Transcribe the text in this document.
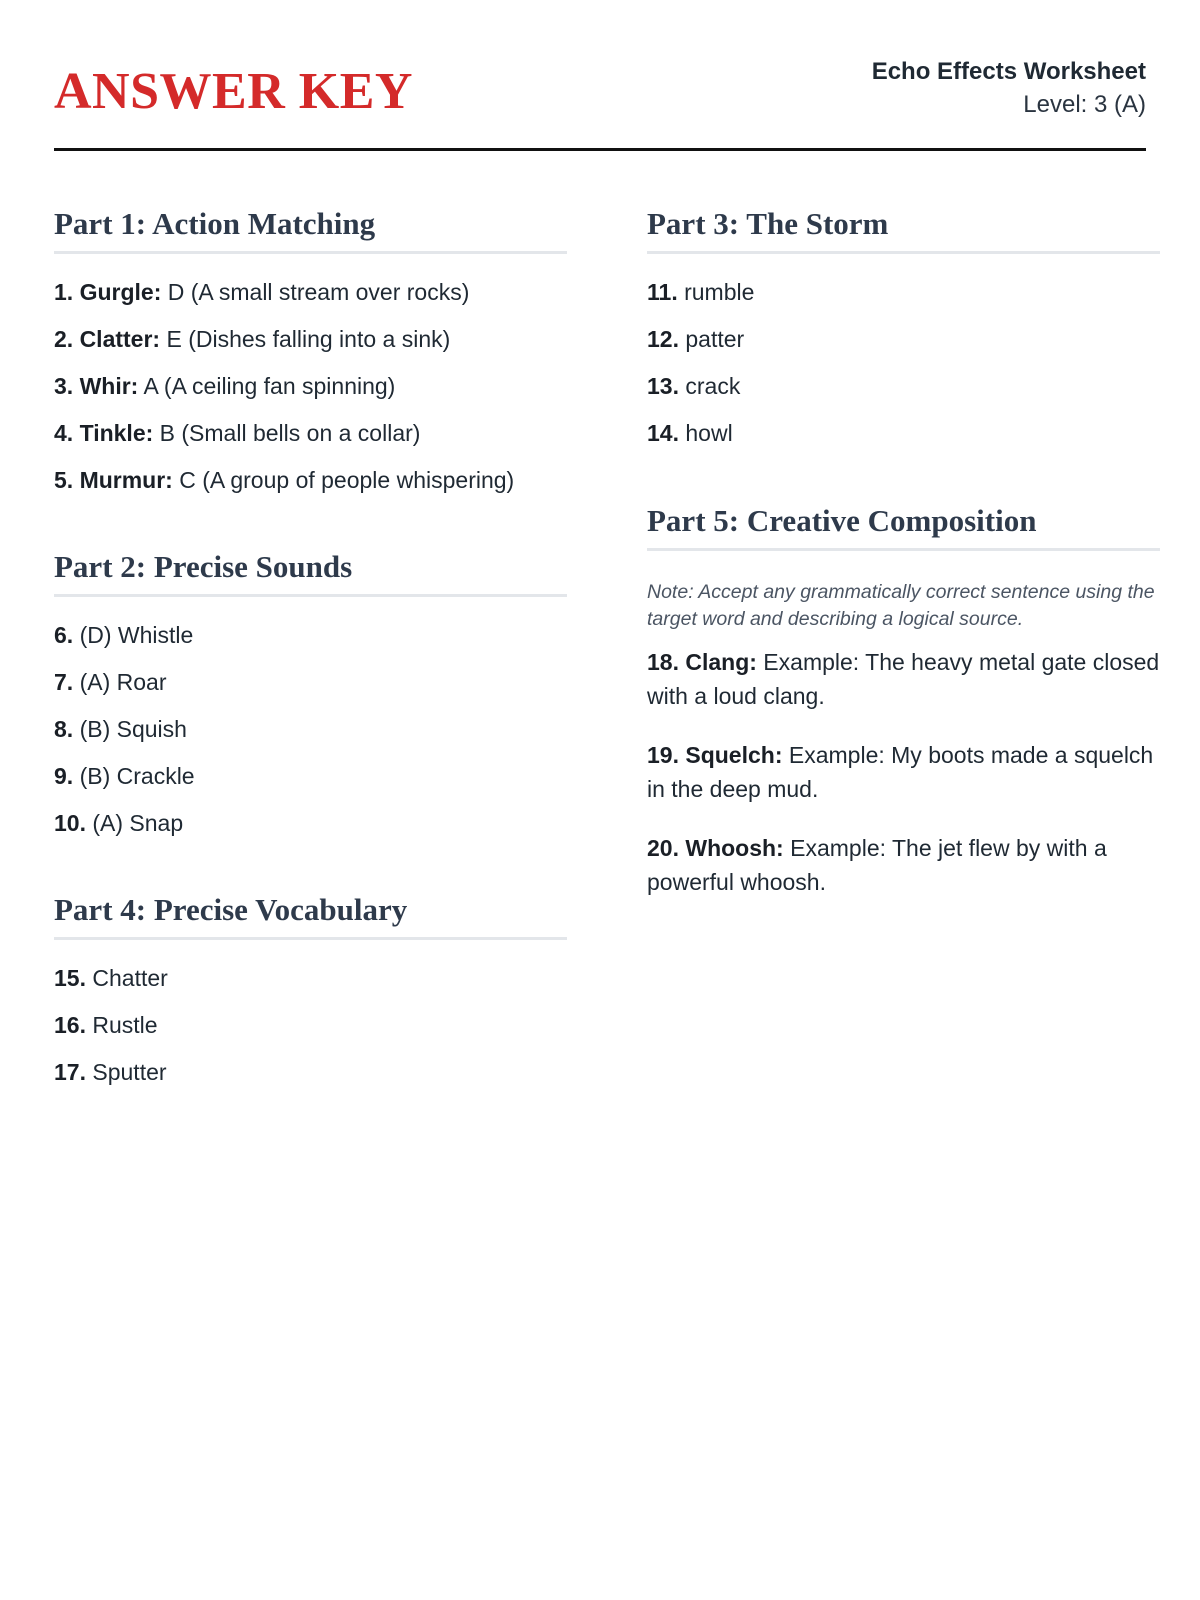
ANSWER KEY	Echo Effects Worksheet
Level: 3 (A)
Part 1: Action Matching
1. Gurgle: D (A small stream over rocks)
2. Clatter: E (Dishes falling into a sink)
3. Whir: A (A ceiling fan spinning)
4. Tinkle: B (Small bells on a collar)
5. Murmur: C (A group of people whispering)
Part 2: Precise Sounds
6. (D) Whistle
7. (A) Roar
8. (B) Squish
9. (B) Crackle
10. (A) Snap
Part 4: Precise Vocabulary
15. Chatter
16. Rustle
17. Sputter
Part 3: The Storm
11. rumble
12. patter
13. crack
14. howl
Part 5: Creative Composition
Note: Accept any grammatically correct sentence using the target word and describing a logical source.
18. Clang: Example: The heavy metal gate closed with a loud clang.
19. Squelch: Example: My boots made a squelch in the deep mud.
20. Whoosh: Example: The jet flew by with a powerful whoosh.
